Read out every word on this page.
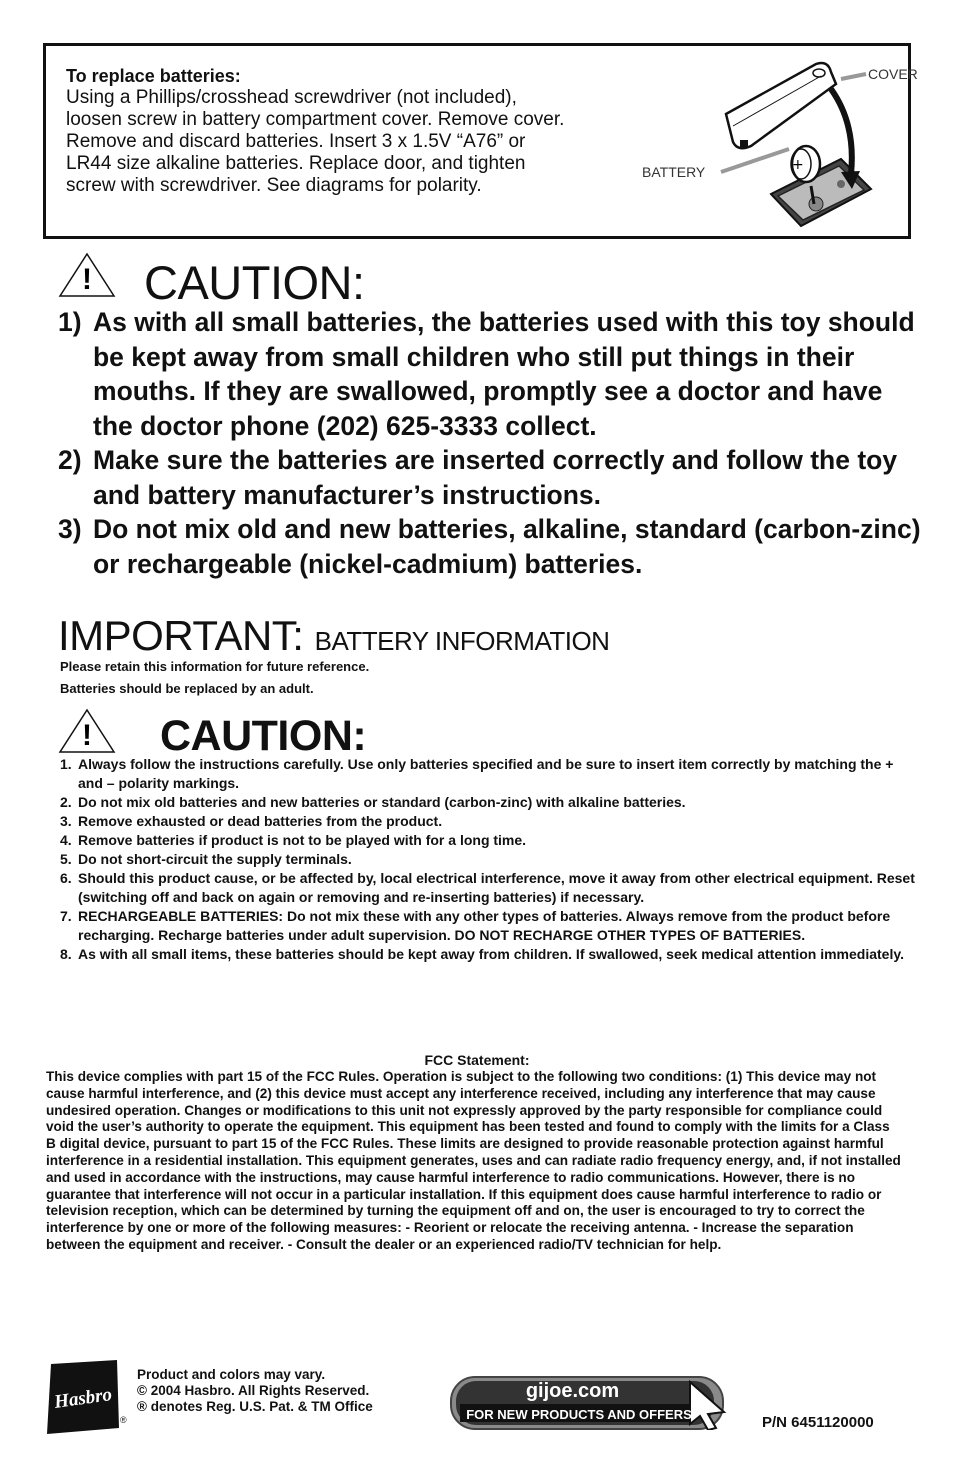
To replace batteries:
Using a Phillips/crosshead screwdriver (not included), loosen screw in battery compartment cover. Remove cover. Remove and discard batteries. Insert 3 x 1.5V “A76” or LR44 size alkaline batteries. Replace door, and tighten screw with screwdriver. See diagrams for polarity.
+
COVER
BATTERY
! CAUTION:
1) As with all small batteries, the batteries used with this toy should be kept away from small children who still put things in their mouths. If they are swallowed, promptly see a doctor and have the doctor phone (202) 625-3333 collect.
2) Make sure the batteries are inserted correctly and follow the toy and battery manufacturer’s instructions.
3) Do not mix old and new batteries, alkaline, standard (carbon-zinc) or rechargeable (nickel-cadmium) batteries.
IMPORTANT: BATTERY INFORMATION
Please retain this information for future reference.
Batteries should be replaced by an adult.
! CAUTION:
1. Always follow the instructions carefully. Use only batteries specified and be sure to insert item correctly by matching the + and – polarity markings.
2. Do not mix old batteries and new batteries or standard (carbon-zinc) with alkaline batteries.
3. Remove exhausted or dead batteries from the product.
4. Remove batteries if product is not to be played with for a long time.
5. Do not short-circuit the supply terminals.
6. Should this product cause, or be affected by, local electrical interference, move it away from other electrical equipment. Reset (switching off and back on again or removing and re-inserting batteries) if necessary.
7. RECHARGEABLE BATTERIES: Do not mix these with any other types of batteries. Always remove from the product before recharging. Recharge batteries under adult supervision. DO NOT RECHARGE OTHER TYPES OF BATTERIES.
8. As with all small items, these batteries should be kept away from children. If swallowed, seek medical attention immediately.
FCC Statement:
This device complies with part 15 of the FCC Rules. Operation is subject to the following two conditions: (1) This device may not cause harmful interference, and (2) this device must accept any interference received, including any interference that may cause undesired operation. Changes or modifications to this unit not expressly approved by the party responsible for compliance could void the user’s authority to operate the equipment. This equipment has been tested and found to comply with the limits for a Class B digital device, pursuant to part 15 of the FCC Rules. These limits are designed to provide reasonable protection against harmful interference in a residential installation. This equipment generates, uses and can radiate radio frequency energy, and, if not installed and used in accordance with the instructions, may cause harmful interference to radio communications. However, there is no guarantee that interference will not occur in a particular installation. If this equipment does cause harmful interference to radio or television reception, which can be determined by turning the equipment off and on, the user is encouraged to try to correct the interference by one or more of the following measures: - Reorient or relocate the receiving antenna. - Increase the separation between the equipment and receiver. - Consult the dealer or an experienced radio/TV technician for help.
Hasbro
®
Product and colors may vary.
© 2004 Hasbro. All Rights Reserved.
® denotes Reg. U.S. Pat. & TM Office
gijoe.com
FOR NEW PRODUCTS AND OFFERS	P/N 6451120000
